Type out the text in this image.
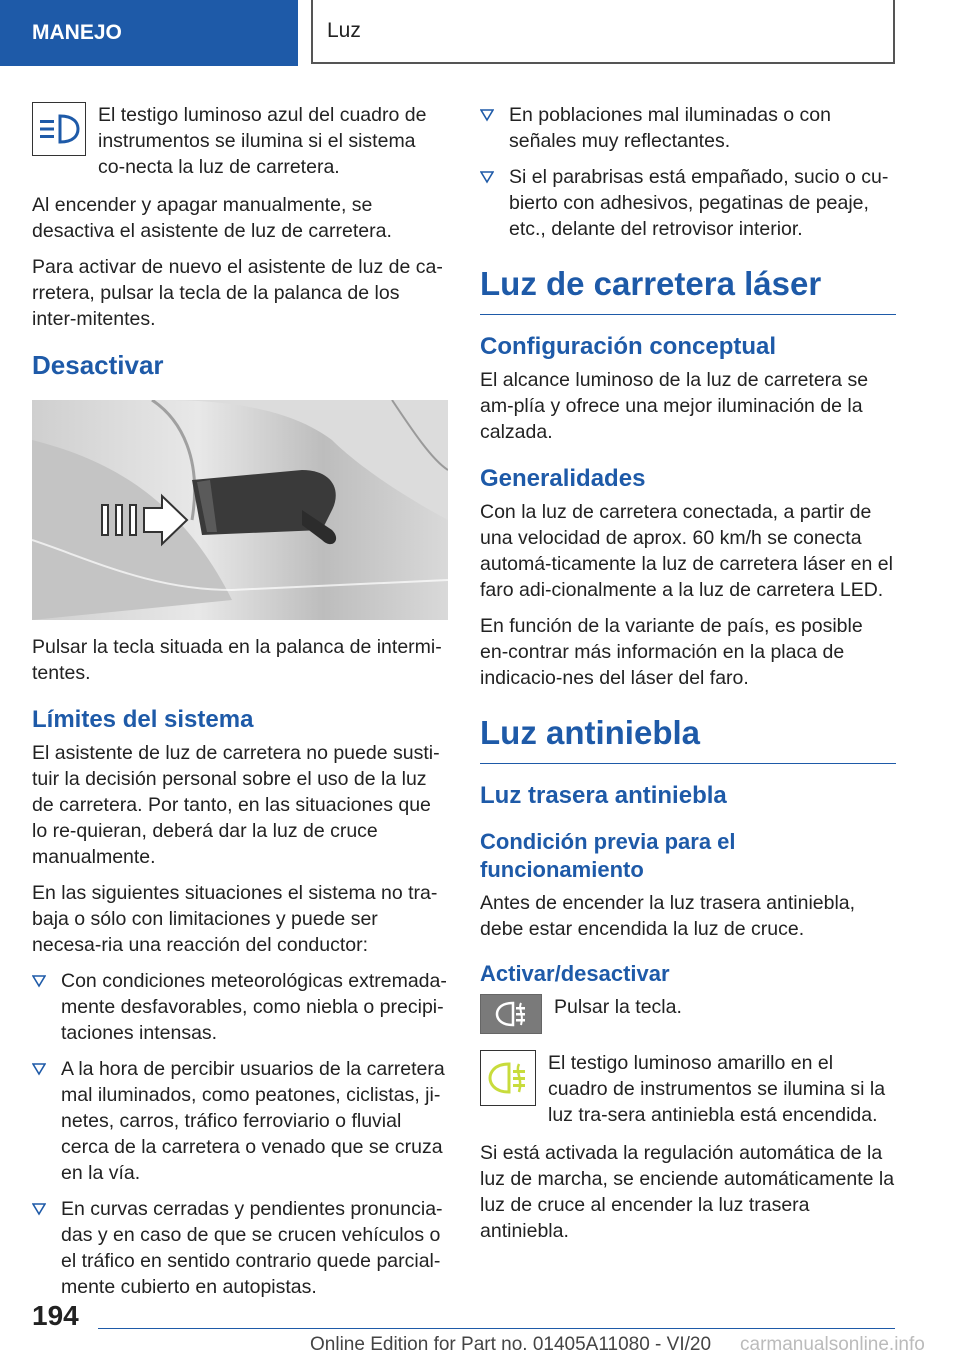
MANEJO	Luz

El testigo luminoso azul del cuadro de instrumentos se ilumina si el sistema co-necta la luz de carretera.

Al encender y apagar manualmente, se desactiva el asistente de luz de carretera.

Para activar de nuevo el asistente de luz de ca-rretera, pulsar la tecla de la palanca de los inter-mitentes.

Desactivar

Pulsar la tecla situada en la palanca de intermi-tentes.

Límites del sistema

El asistente de luz de carretera no puede susti-tuir la decisión personal sobre el uso de la luz de carretera. Por tanto, en las situaciones que lo re-quieran, deberá dar la luz de cruce manualmente.

En las siguientes situaciones el sistema no tra-baja o sólo con limitaciones y puede ser necesa-ria una reacción del conductor:

Con condiciones meteorológicas extremada-mente desfavorables, como niebla o precipi-taciones intensas.
A la hora de percibir usuarios de la carretera mal iluminados, como peatones, ciclistas, ji-netes, carros, tráfico ferroviario o fluvial cerca de la carretera o venado que se cruza en la vía.
En curvas cerradas y pendientes pronuncia-das y en caso de que se crucen vehículos o el tráfico en sentido contrario quede parcial-mente cubierto en autopistas.
En poblaciones mal iluminadas o con señales muy reflectantes.
Si el parabrisas está empañado, sucio o cu-bierto con adhesivos, pegatinas de peaje, etc., delante del retrovisor interior.
Luz de carretera láser
Configuración conceptual

El alcance luminoso de la luz de carretera se am-plía y ofrece una mejor iluminación de la calzada.

Generalidades

Con la luz de carretera conectada, a partir de una velocidad de aprox. 60 km/h se conecta automá-ticamente la luz de carretera láser en el faro adi-cionalmente a la luz de carretera LED.

En función de la variante de país, es posible en-contrar más información en la placa de indicacio-nes del láser del faro.

Luz antiniebla
Luz trasera antiniebla
Condición previa para el funcionamiento

Antes de encender la luz trasera antiniebla, debe estar encendida la luz de cruce.

Activar/desactivar

Pulsar la tecla.

El testigo luminoso amarillo en el cuadro de instrumentos se ilumina si la luz tra-sera antiniebla está encendida.

Si está activada la regulación automática de la luz de marcha, se enciende automáticamente la luz de cruce al encender la luz trasera antiniebla.

194
Online Edition for Part no. 01405A11080 - VI/20 carmanualsonline.info
